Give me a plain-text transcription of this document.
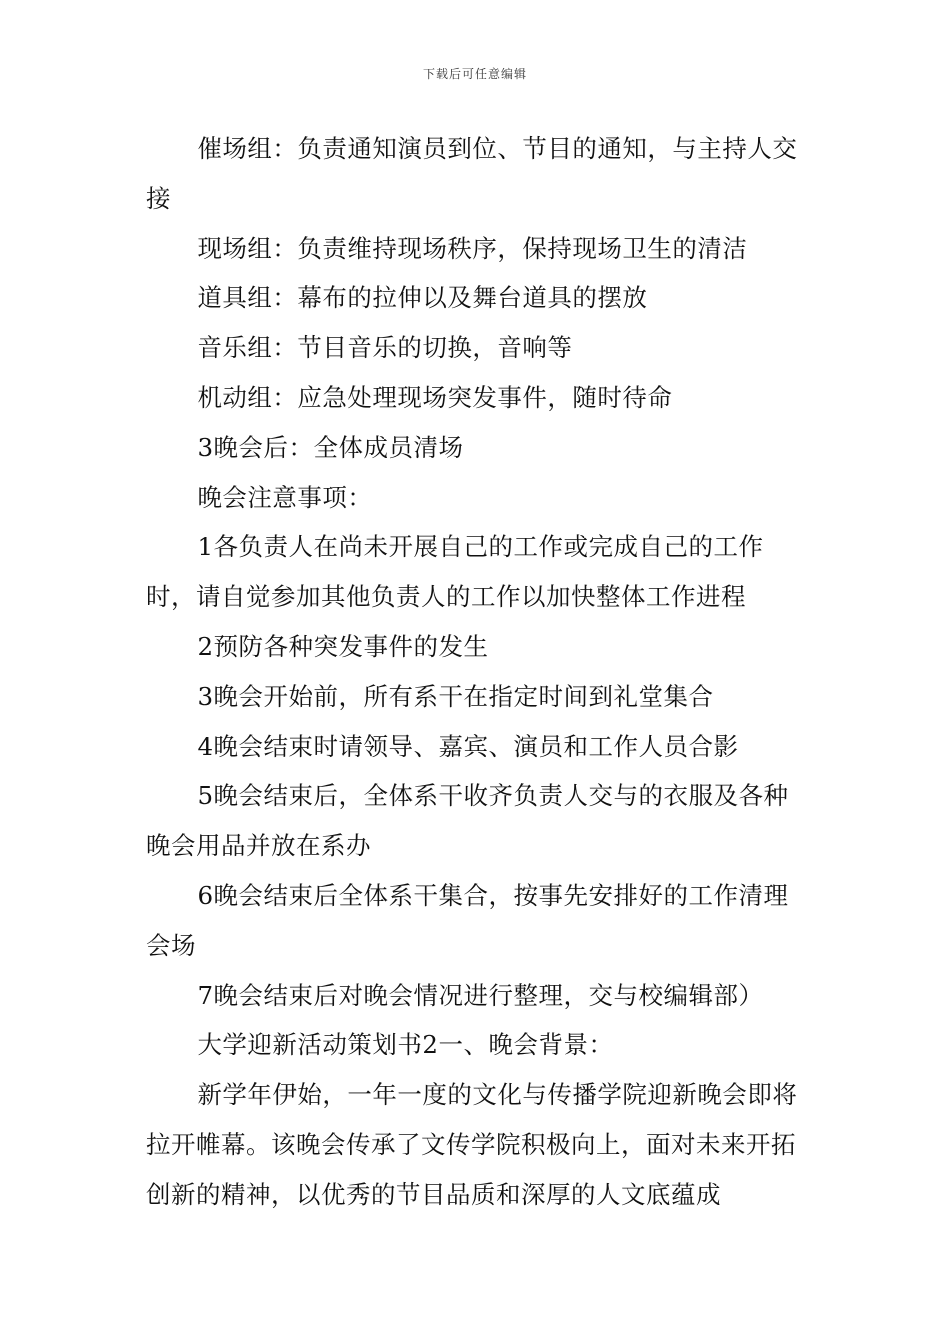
下载后可任意编辑

催场组：负责通知演员到位、节目的通知，与主持人交接

现场组：负责维持现场秩序，保持现场卫生的清洁

道具组：幕布的拉伸以及舞台道具的摆放

音乐组：节目音乐的切换，音响等

机动组：应急处理现场突发事件，随时待命

3晚会后：全体成员清场

晚会注意事项：

1各负责人在尚未开展自己的工作或完成自己的工作时，请自觉参加其他负责人的工作以加快整体工作进程

2预防各种突发事件的发生

3晚会开始前，所有系干在指定时间到礼堂集合

4晚会结束时请领导、嘉宾、演员和工作人员合影

5晚会结束后，全体系干收齐负责人交与的衣服及各种晚会用品并放在系办

6晚会结束后全体系干集合，按事先安排好的工作清理会场

7晚会结束后对晚会情况进行整理，交与校编辑部）

大学迎新活动策划书2一、晚会背景：

新学年伊始，一年一度的文化与传播学院迎新晚会即将拉开帷幕。该晚会传承了文传学院积极向上，面对未来开拓创新的精神，以优秀的节目品质和深厚的人文底蕴成
